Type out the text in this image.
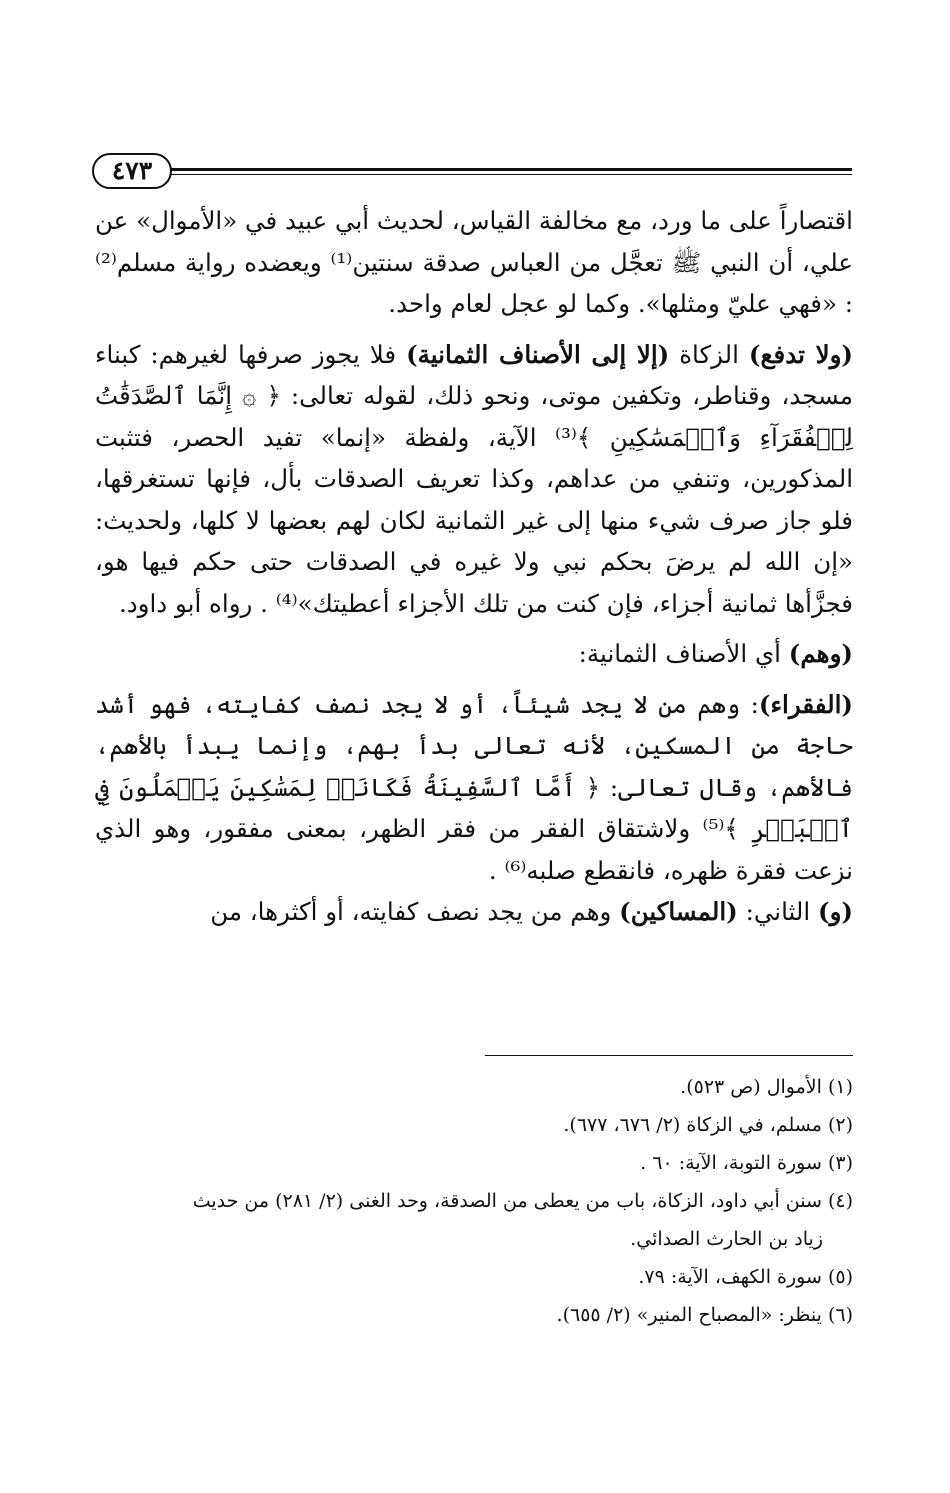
٤٧٣

اقتصاراً على ما ورد، مع مخالفة القياس، لحديث أبي عبيد في «الأموال» عن علي، أن النبي ﷺ تعجَّل من العباس صدقة سنتين⁽¹⁾ ويعضده رواية مسلم⁽²⁾ : «فهي عليّ ومثلها». وكما لو عجل لعام واحد.

(ولا تدفع) الزكاة (إلا إلى الأصناف الثمانية) فلا يجوز صرفها لغيرهم: كبناء مسجد، وقناطر، وتكفين موتى، ونحو ذلك، لقوله تعالى: ﴿ ۞ إِنَّمَا ٱلصَّدَقَٰتُ لِلۡفُقَرَآءِ وَٱلۡمَسَٰكِينِ ﴾⁽³⁾ الآية، ولفظة «إنما» تفيد الحصر، فتثبت المذكورين، وتنفي من عداهم، وكذا تعريف الصدقات بأل، فإنها تستغرقها، فلو جاز صرف شيء منها إلى غير الثمانية لكان لهم بعضها لا كلها، ولحديث: «إن الله لم يرضَ بحكم نبي ولا غيره في الصدقات حتى حكم فيها هو، فجزَّأها ثمانية أجزاء، فإن كنت من تلك الأجزاء أعطيتك»⁽⁴⁾ . رواه أبو داود.

(وهم) أي الأصناف الثمانية:

(الفقراء): وهم من لا يجد شيئاً، أو لا يجد نصف كفايته، فهو أشد حاجة من المسكين، لأنه تعالى بدأ بهم، وإنما يبدأ بالأهم، فالأهم، وقال تعالى: ﴿ أَمَّا ٱلسَّفِينَةُ فَكَانَتۡ لِمَسَٰكِينَ يَعۡمَلُونَ فِي ٱلۡبَحۡرِ ﴾⁽⁵⁾ ولاشتقاق الفقر من فقر الظهر، بمعنى مفقور، وهو الذي نزعت فقرة ظهره، فانقطع صلبه⁽⁶⁾ .

(و) الثاني: (المساكين) وهم من يجد نصف كفايته، أو أكثرها، من

(١) الأموال (ص ٥٢٣).

(٢) مسلم، في الزكاة (٢/ ٦٧٦، ٦٧٧).

(٣) سورة التوبة، الآية: ٦٠ .

(٤) سنن أبي داود، الزكاة، باب من يعطى من الصدقة، وحد الغنى (٢/ ٢٨١) من حديث
زياد بن الحارث الصدائي.

(٥) سورة الكهف، الآية: ٧٩.

(٦) ينظر: «المصباح المنير» (٢/ ٦٥٥).
